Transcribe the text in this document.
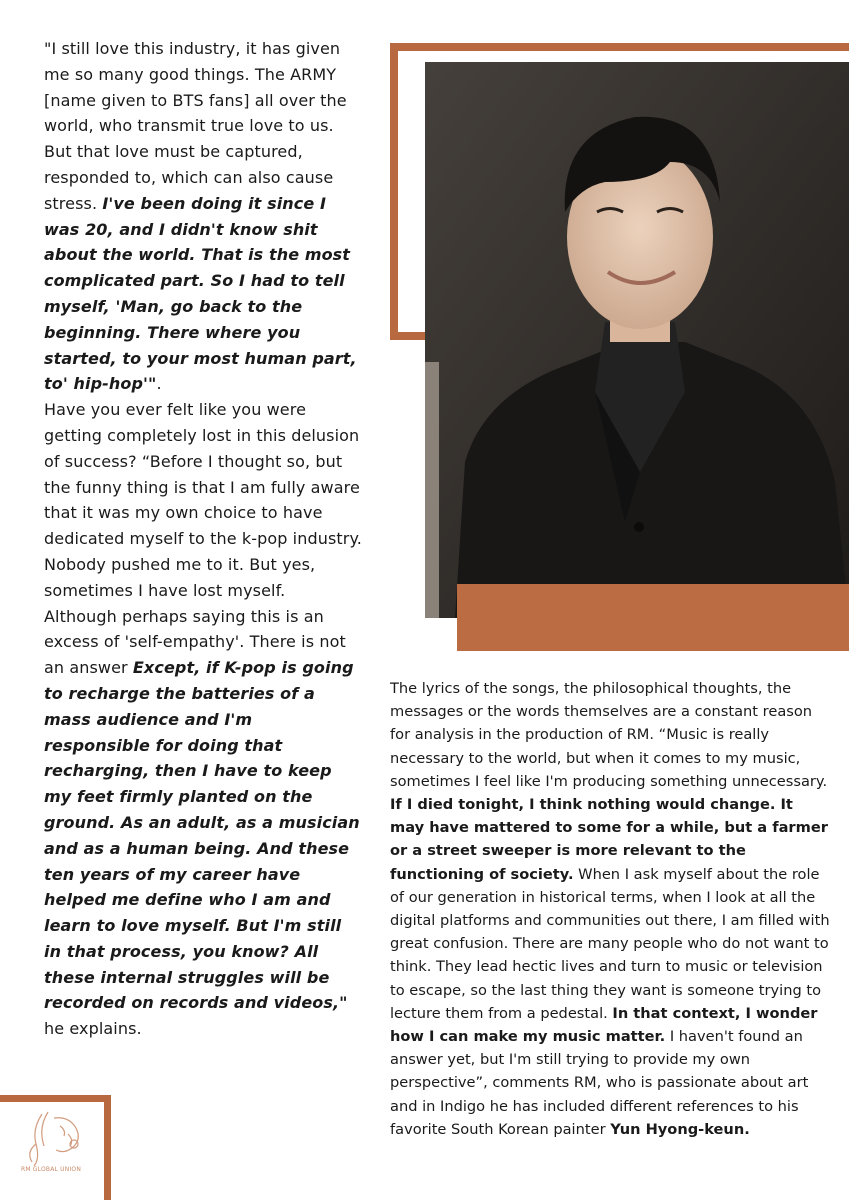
"I still love this industry, it has given me so many good things. The ARMY [name given to BTS fans] all over the world, who transmit true love to us. But that love must be captured, responded to, which can also cause stress. I've been doing it since I was 20, and I didn't know shit about the world. That is the most complicated part. So I had to tell myself, 'Man, go back to the beginning. There where you started, to your most human part, to' hip-hop'".

Have you ever felt like you were getting completely lost in this delusion of success? “Before I thought so, but the funny thing is that I am fully aware that it was my own choice to have dedicated myself to the k-pop industry. Nobody pushed me to it. But yes, sometimes I have lost myself. Although perhaps saying this is an excess of 'self-empathy'. There is not an answer Except, if K-pop is going to recharge the batteries of a mass audience and I'm responsible for doing that recharging, then I have to keep my feet firmly planted on the ground. As an adult, as a musician and as a human being. And these ten years of my career have helped me define who I am and learn to love myself. But I'm still in that process, you know? All these internal struggles will be recorded on records and videos," he explains.

The lyrics of the songs, the philosophical thoughts, the messages or the words themselves are a constant reason for analysis in the production of RM. “Music is really necessary to the world, but when it comes to my music, sometimes I feel like I'm producing something unnecessary. If I died tonight, I think nothing would change. It may have mattered to some for a while, but a farmer or a street sweeper is more relevant to the functioning of society. When I ask myself about the role of our generation in historical terms, when I look at all the digital platforms and communities out there, I am filled with great confusion. There are many people who do not want to think. They lead hectic lives and turn to music or television to escape, so the last thing they want is someone trying to lecture them from a pedestal. In that context, I wonder how I can make my music matter. I haven't found an answer yet, but I'm still trying to provide my own perspective”, comments RM, who is passionate about art and in Indigo he has included different references to his favorite South Korean painter Yun Hyong-keun.

RM GLOBAL UNION
